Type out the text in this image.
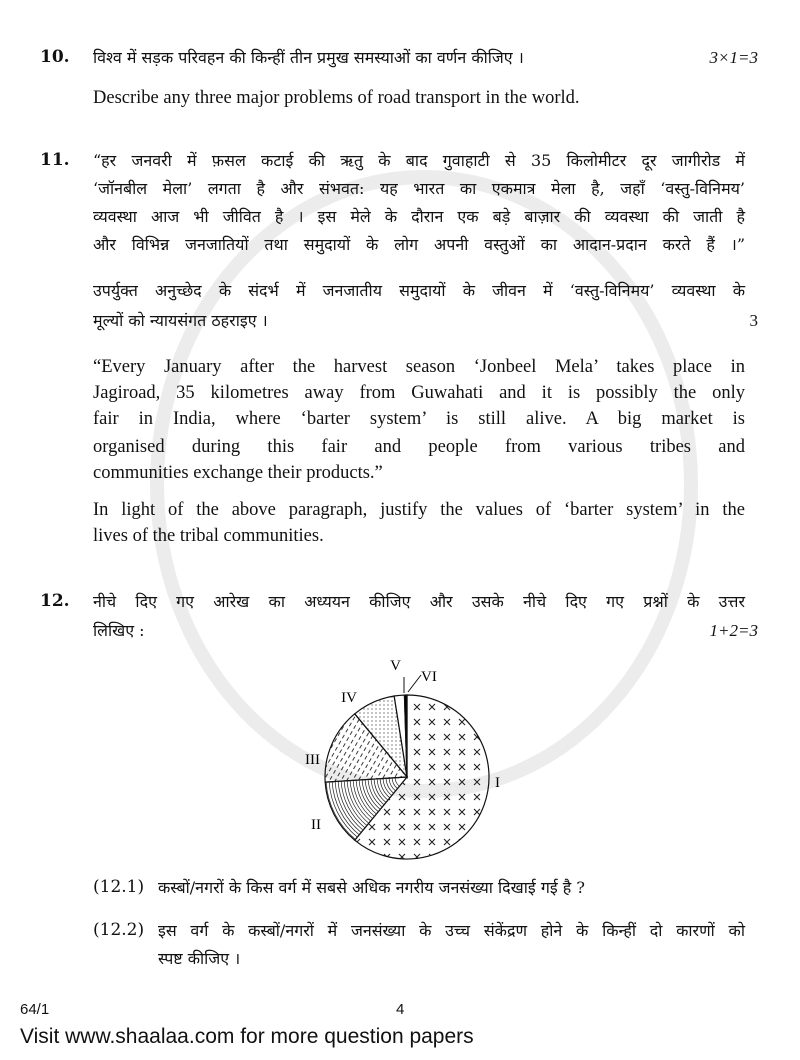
10. विश्व में सड़क परिवहन की किन्हीं तीन प्रमुख समस्याओं का वर्णन कीजिए ।	3×1=3
Describe any three major problems of road transport in the world.
11. “हर जनवरी में फ़सल कटाई की ऋतु के बाद गुवाहाटी से 35 किलोमीटर दूर जागीरोड में
‘जॉनबील मेला’ लगता है और संभवत: यह भारत का एकमात्र मेला है, जहाँ ‘वस्तु-विनिमय’
व्यवस्था आज भी जीवित है । इस मेले के दौरान एक बड़े बाज़ार की व्यवस्था की जाती है
और विभिन्न जनजातियों तथा समुदायों के लोग अपनी वस्तुओं का आदान-प्रदान करते हैं ।”
उपर्युक्त अनुच्छेद के संदर्भ में जनजातीय समुदायों के जीवन में ‘वस्तु-विनिमय’ व्यवस्था के
मूल्यों को न्यायसंगत ठहराइए ।	3
“Every January after the harvest season ‘Jonbeel Mela’ takes place in
Jagiroad, 35 kilometres away from Guwahati and it is possibly the only
fair in India, where ‘barter system’ is still alive. A big market is
organised during this fair and people from various tribes and
communities exchange their products.”
In light of the above paragraph, justify the values of ‘barter system’ in the
lives of the tribal communities.
12. नीचे दिए गए आरेख का अध्ययन कीजिए और उसके नीचे दिए गए प्रश्नों के उत्तर
लिखिए :	1+2=3
I
II
III
IV
V
VI
(12.1) कस्बों/नगरों के किस वर्ग में सबसे अधिक नगरीय जनसंख्या दिखाई गई है ?
(12.2) इस वर्ग के कस्बों/नगरों में जनसंख्या के उच्च संकेंद्रण होने के किन्हीं दो कारणों को
स्पष्ट कीजिए ।
64/1	4
Visit www.shaalaa.com for more question papers
